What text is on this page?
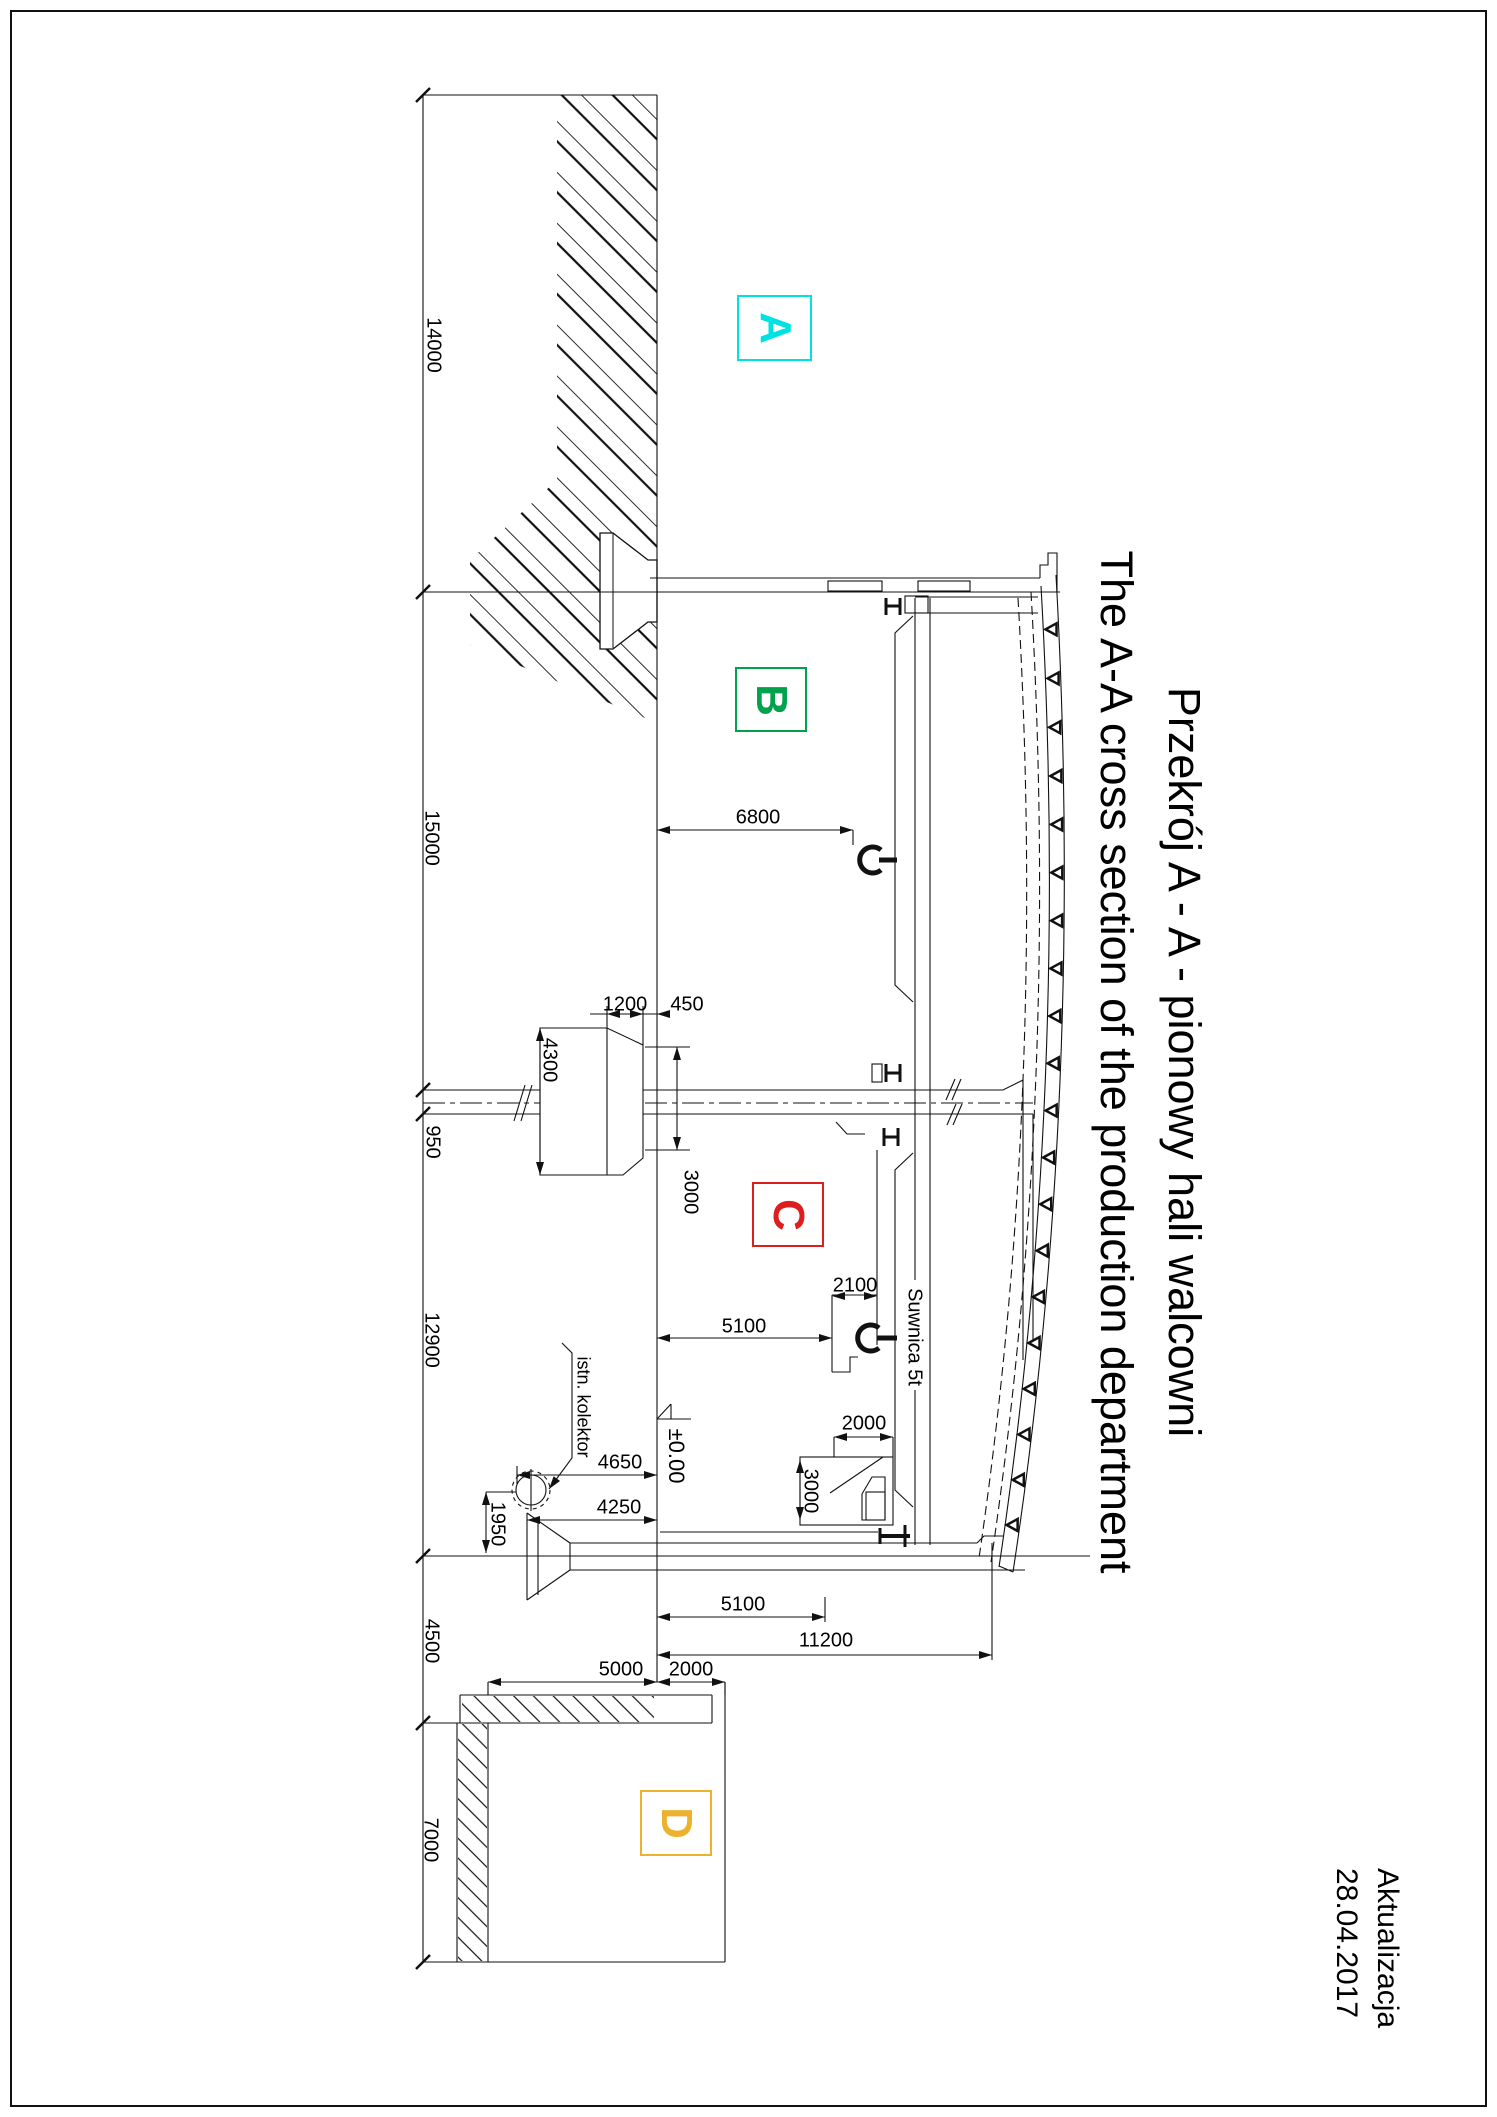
14000
15000
950
12900
4500
7000
6800
4300
1200 450
3000
2100
5100
2000
3000
4650
4250
1950
5100
11200
5000 2000
±0.00
istn. kolektor
Suwnica 5t
A
B
C
D
Przekrój A - A - pionowy hali walcowni
The A-A cross section of the production department
Aktualizacja
28.04.2017
